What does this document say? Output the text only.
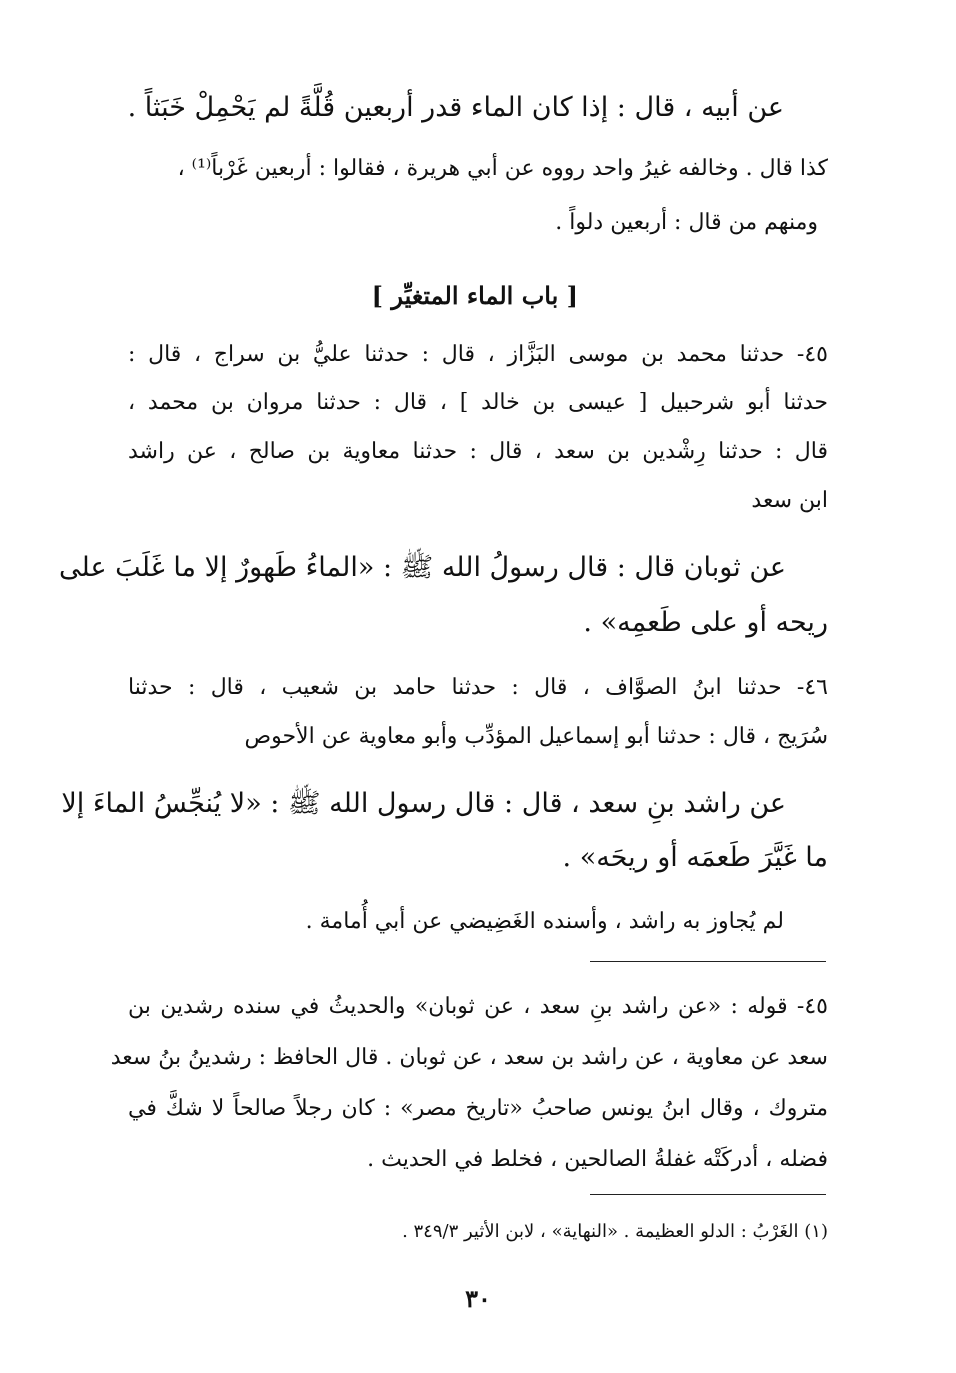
عن أبيه ، قال : إذا كان الماء قدر أربعين قُلَّةً لم يَحْمِلْ خَبَثاً .
كذا قال . وخالفه غيرُ واحد رووه عن أبي هريرة ، فقالوا : أربعين غَرْباً⁽¹⁾ ،
ومنهم من قال : أربعين دلواً .
[ باب الماء المتغيِّر ]
٤٥- حدثنا محمد بن موسى البَزَّاز ، قال : حدثنا عليُّ بن سراج ، قال :
حدثنا أبو شرحبيل [ عيسى بن خالد ] ، قال : حدثنا مروان بن محمد ،
قال : حدثنا رِشْدين بن سعد ، قال : حدثنا معاوية بن صالح ، عن راشد
ابن سعد
عن ثوبان قال : قال رسولُ الله ﷺ : «الماءُ طَهورٌ إلا ما غَلَبَ على
ريحه أو على طَعمِه» .
٤٦- حدثنا ابنُ الصوَّاف ، قال : حدثنا حامد بن شعيب ، قال : حدثنا
سُرَيج ، قال : حدثنا أبو إسماعيل المؤدِّب وأبو معاوية عن الأحوص
عن راشد بنِ سعد ، قال : قال رسول الله ﷺ : «لا يُنجِّسُ الماءَ إلا
ما غَيَّرَ طَعمَه أو ريحَه» .
لم يُجاوز به راشد ، وأسنده الغَضِيضي عن أبي أُمامة .
٤٥- قوله : «عن راشد بنِ سعد ، عن ثوبان» والحديثُ في سنده رشدين بن
سعد عن معاوية ، عن راشد بن سعد ، عن ثوبان . قال الحافظ : رشدينُ بنُ سعد
متروك ، وقال ابنُ يونس صاحبُ «تاريخ مصر» : كان رجلاً صالحاً لا شكَّ في
فضله ، أدركَتْه غفلةُ الصالحين ، فخلط في الحديث .
(١) الغَرْبُ : الدلو العظيمة . «النهاية» ، لابن الأثير ٣٤٩/٣ .
٣٠
